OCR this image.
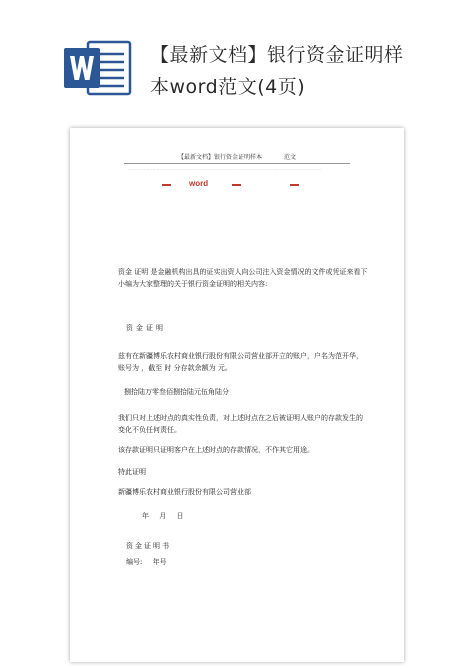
【最新文档】银行资金证明样
本word范文(4页)
【最新文档】银行资金证明样本	范文
·······································································································································
word
资金 证明 是金融机构出具的证实出资人向公司注入资金情况的文件或凭证来看下小编为大家整理的关于银行资金证明的相关内容:
资金证明
兹有在新疆博乐农村商业银行股份有限公司营业部开立的账户，户名为范开华，账号为 ，截至 时 分存款余额为 元。
捌拾陆万零叁佰捌拾陆元伍角陆分
我们只对上述时点的真实性负责，对上述时点在之后被证明人账户的存款发生的变化不负任何责任。
该存款证明只证明客户在上述时点的存款情况，不作其它用途。
特此证明
新疆博乐农村商业银行股份有限公司营业部
年 月 日
资金证明书
编号: 年号
